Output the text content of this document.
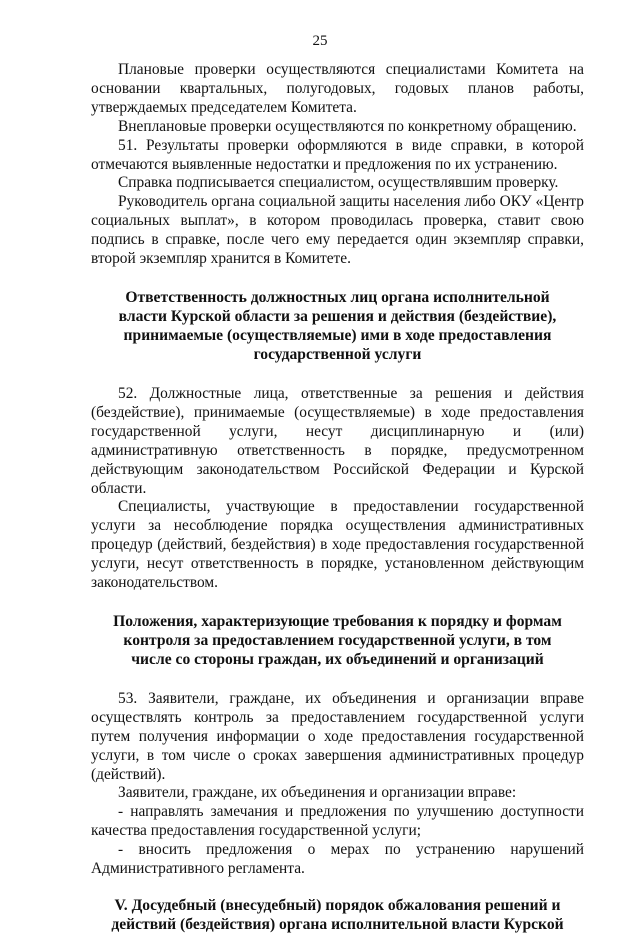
25

Плановые проверки осуществляются специалистами Комитета на основании квартальных, полугодовых, годовых планов работы, утверждаемых председателем Комитета.

Внеплановые проверки осуществляются по конкретному обращению.

51. Результаты проверки оформляются в виде справки, в которой отмечаются выявленные недостатки и предложения по их устранению.

Справка подписывается специалистом, осуществлявшим проверку.

Руководитель органа социальной защиты населения либо ОКУ «Центр социальных выплат», в котором проводилась проверка, ставит свою подпись в справке, после чего ему передается один экземпляр справки, второй экземпляр хранится в Комитете.

Ответственность должностных лиц органа исполнительной власти Курской области за решения и действия (бездействие), принимаемые (осуществляемые) ими в ходе предоставления государственной услуги

52. Должностные лица, ответственные за решения и действия (бездействие), принимаемые (осуществляемые) в ходе предоставления государственной услуги, несут дисциплинарную и (или) административную ответственность в порядке, предусмотренном действующим законодательством Российской Федерации и Курской области.

Специалисты, участвующие в предоставлении государственной услуги за несоблюдение порядка осуществления административных процедур (действий, бездействия) в ходе предоставления государственной услуги, несут ответственность в порядке, установленном действующим законодательством.

Положения, характеризующие требования к порядку и формам контроля за предоставлением государственной услуги, в том числе со стороны граждан, их объединений и организаций

53. Заявители, граждане, их объединения и организации вправе осуществлять контроль за предоставлением государственной услуги путем получения информации о ходе предоставления государственной услуги, в том числе о сроках завершения административных процедур (действий).

Заявители, граждане, их объединения и организации вправе:

- направлять замечания и предложения по улучшению доступности качества предоставления государственной услуги;

- вносить предложения о мерах по устранению нарушений Административного регламента.

V. Досудебный (внесудебный) порядок обжалования решений и действий (бездействия) органа исполнительной власти Курской
